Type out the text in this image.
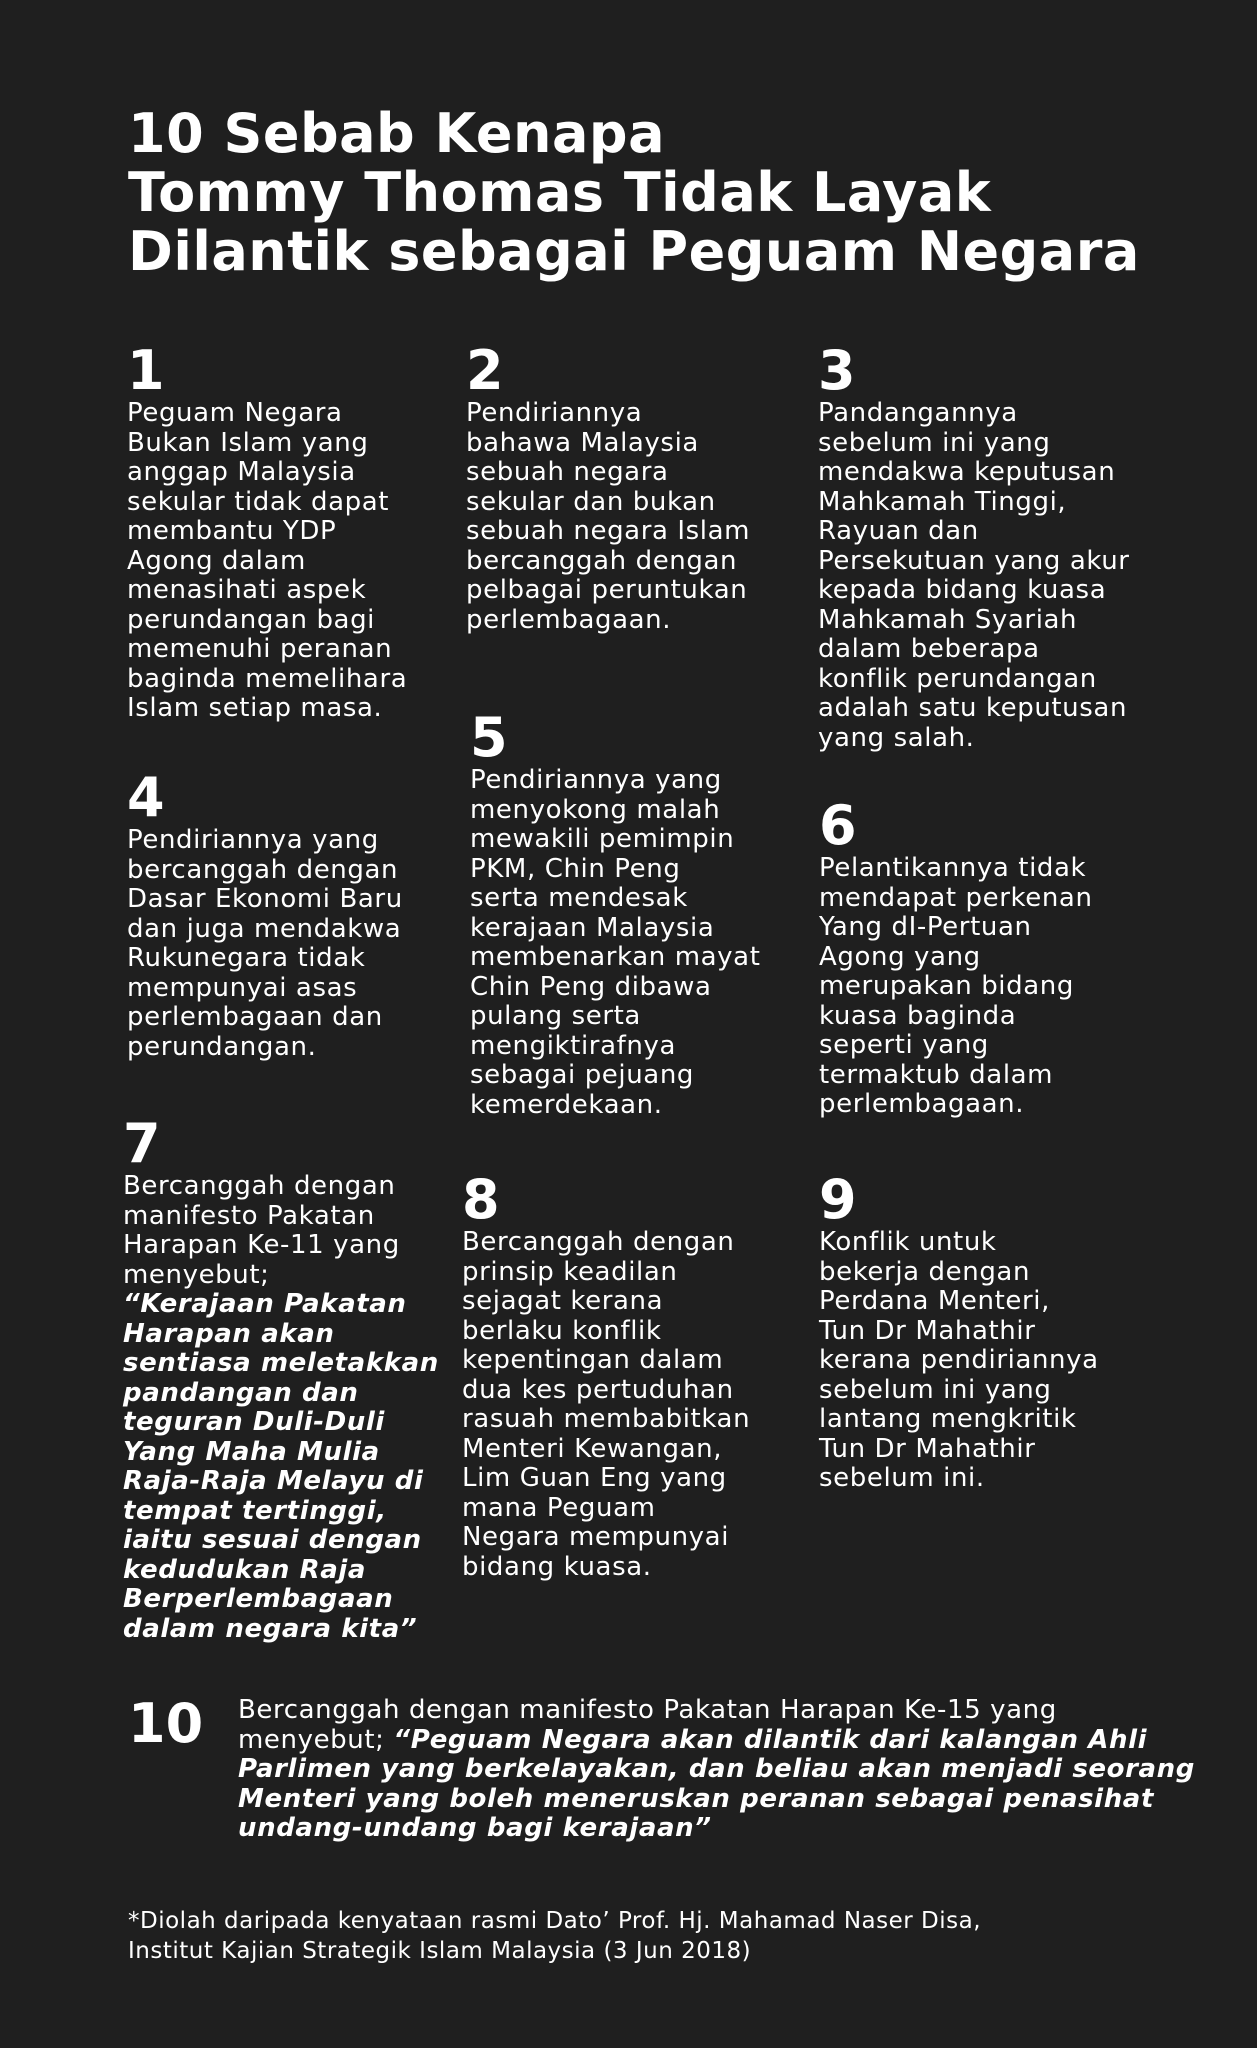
10 Sebab Kenapa
Tommy Thomas Tidak Layak
Dilantik sebagai Peguam Negara
1
Peguam Negara
Bukan Islam yang
anggap Malaysia
sekular tidak dapat
membantu YDP
Agong dalam
menasihati aspek
perundangan bagi
memenuhi peranan
baginda memelihara
Islam setiap masa.
2
Pendiriannya
bahawa Malaysia
sebuah negara
sekular dan bukan
sebuah negara Islam
bercanggah dengan
pelbagai peruntukan
perlembagaan.
3
Pandangannya
sebelum ini yang
mendakwa keputusan
Mahkamah Tinggi,
Rayuan dan
Persekutuan yang akur
kepada bidang kuasa
Mahkamah Syariah
dalam beberapa
konflik perundangan
adalah satu keputusan
yang salah.
4
Pendiriannya yang
bercanggah dengan
Dasar Ekonomi Baru
dan juga mendakwa
Rukunegara tidak
mempunyai asas
perlembagaan dan
perundangan.
5
Pendiriannya yang
menyokong malah
mewakili pemimpin
PKM, Chin Peng
serta mendesak
kerajaan Malaysia
membenarkan mayat
Chin Peng dibawa
pulang serta
mengiktirafnya
sebagai pejuang
kemerdekaan.
6
Pelantikannya tidak
mendapat perkenan
Yang dI-Pertuan
Agong yang
merupakan bidang
kuasa baginda
seperti yang
termaktub dalam
perlembagaan.
7
Bercanggah dengan
manifesto Pakatan
Harapan Ke-11 yang
menyebut;
“Kerajaan Pakatan
Harapan akan
sentiasa meletakkan
pandangan dan
teguran Duli-Duli
Yang Maha Mulia
Raja-Raja Melayu di
tempat tertinggi,
iaitu sesuai dengan
kedudukan Raja
Berperlembagaan
dalam negara kita”
8
Bercanggah dengan
prinsip keadilan
sejagat kerana
berlaku konflik
kepentingan dalam
dua kes pertuduhan
rasuah membabitkan
Menteri Kewangan,
Lim Guan Eng yang
mana Peguam
Negara mempunyai
bidang kuasa.
9
Konflik untuk
bekerja dengan
Perdana Menteri,
Tun Dr Mahathir
kerana pendiriannya
sebelum ini yang
lantang mengkritik
Tun Dr Mahathir
sebelum ini.
10 Bercanggah dengan manifesto Pakatan Harapan Ke-15 yang
menyebut; “Peguam Negara akan dilantik dari kalangan Ahli
Parlimen yang berkelayakan, dan beliau akan menjadi seorang
Menteri yang boleh meneruskan peranan sebagai penasihat
undang-undang bagi kerajaan”
*Diolah daripada kenyataan rasmi Dato’ Prof. Hj. Mahamad Naser Disa,
Institut Kajian Strategik Islam Malaysia (3 Jun 2018)
